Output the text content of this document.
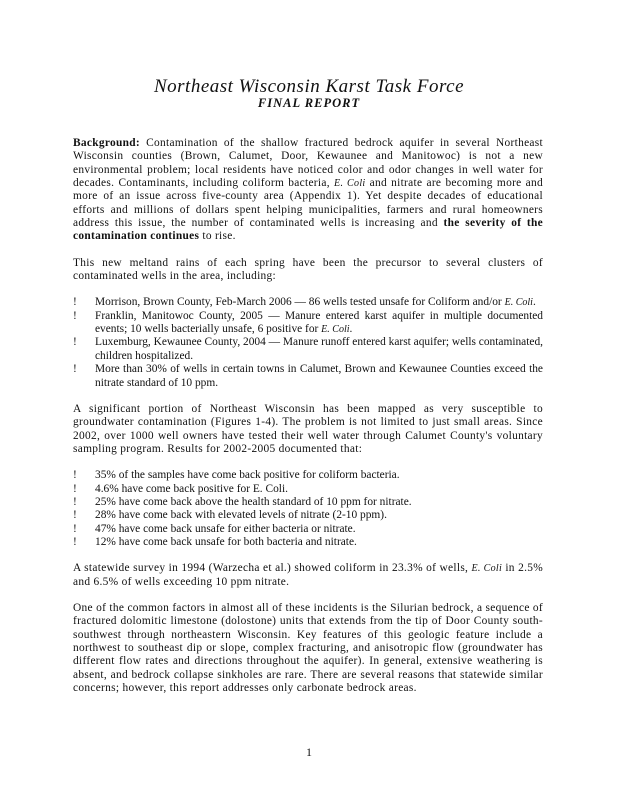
Northeast Wisconsin Karst Task Force
FINAL REPORT

Background: Contamination of the shallow fractured bedrock aquifer in several Northeast Wisconsin counties (Brown, Calumet, Door, Kewaunee and Manitowoc) is not a new environmental problem; local residents have noticed color and odor changes in well water for decades. Contaminants, including coliform bacteria, E. Coli and nitrate are becoming more and more of an issue across five-county area (Appendix 1). Yet despite decades of educational efforts and millions of dollars spent helping municipalities, farmers and rural homeowners address this issue, the number of contaminated wells is increasing and the severity of the contamination continues to rise.

This new meltand rains of each spring have been the precursor to several clusters of contaminated wells in the area, including:

! Morrison, Brown County, Feb-March 2006 — 86 wells tested unsafe for Coliform and/or E. Coli.
! Franklin, Manitowoc County, 2005 — Manure entered karst aquifer in multiple documented events; 10 wells bacterially unsafe, 6 positive for E. Coli.
! Luxemburg, Kewaunee County, 2004 — Manure runoff entered karst aquifer; wells contaminated, children hospitalized.
! More than 30% of wells in certain towns in Calumet, Brown and Kewaunee Counties exceed the nitrate standard of 10 ppm.

A significant portion of Northeast Wisconsin has been mapped as very susceptible to groundwater contamination (Figures 1-4). The problem is not limited to just small areas. Since 2002, over 1000 well owners have tested their well water through Calumet County's voluntary sampling program. Results for 2002-2005 documented that:

! 35% of the samples have come back positive for coliform bacteria.
! 4.6% have come back positive for E. Coli.
! 25% have come back above the health standard of 10 ppm for nitrate.
! 28% have come back with elevated levels of nitrate (2-10 ppm).
! 47% have come back unsafe for either bacteria or nitrate.
! 12% have come back unsafe for both bacteria and nitrate.

A statewide survey in 1994 (Warzecha et al.) showed coliform in 23.3% of wells, E. Coli in 2.5% and 6.5% of wells exceeding 10 ppm nitrate.

One of the common factors in almost all of these incidents is the Silurian bedrock, a sequence of fractured dolomitic limestone (dolostone) units that extends from the tip of Door County south-southwest through northeastern Wisconsin. Key features of this geologic feature include a northwest to southeast dip or slope, complex fracturing, and anisotropic flow (groundwater has different flow rates and directions throughout the aquifer). In general, extensive weathering is absent, and bedrock collapse sinkholes are rare. There are several reasons that statewide similar concerns; however, this report addresses only carbonate bedrock areas.

1
